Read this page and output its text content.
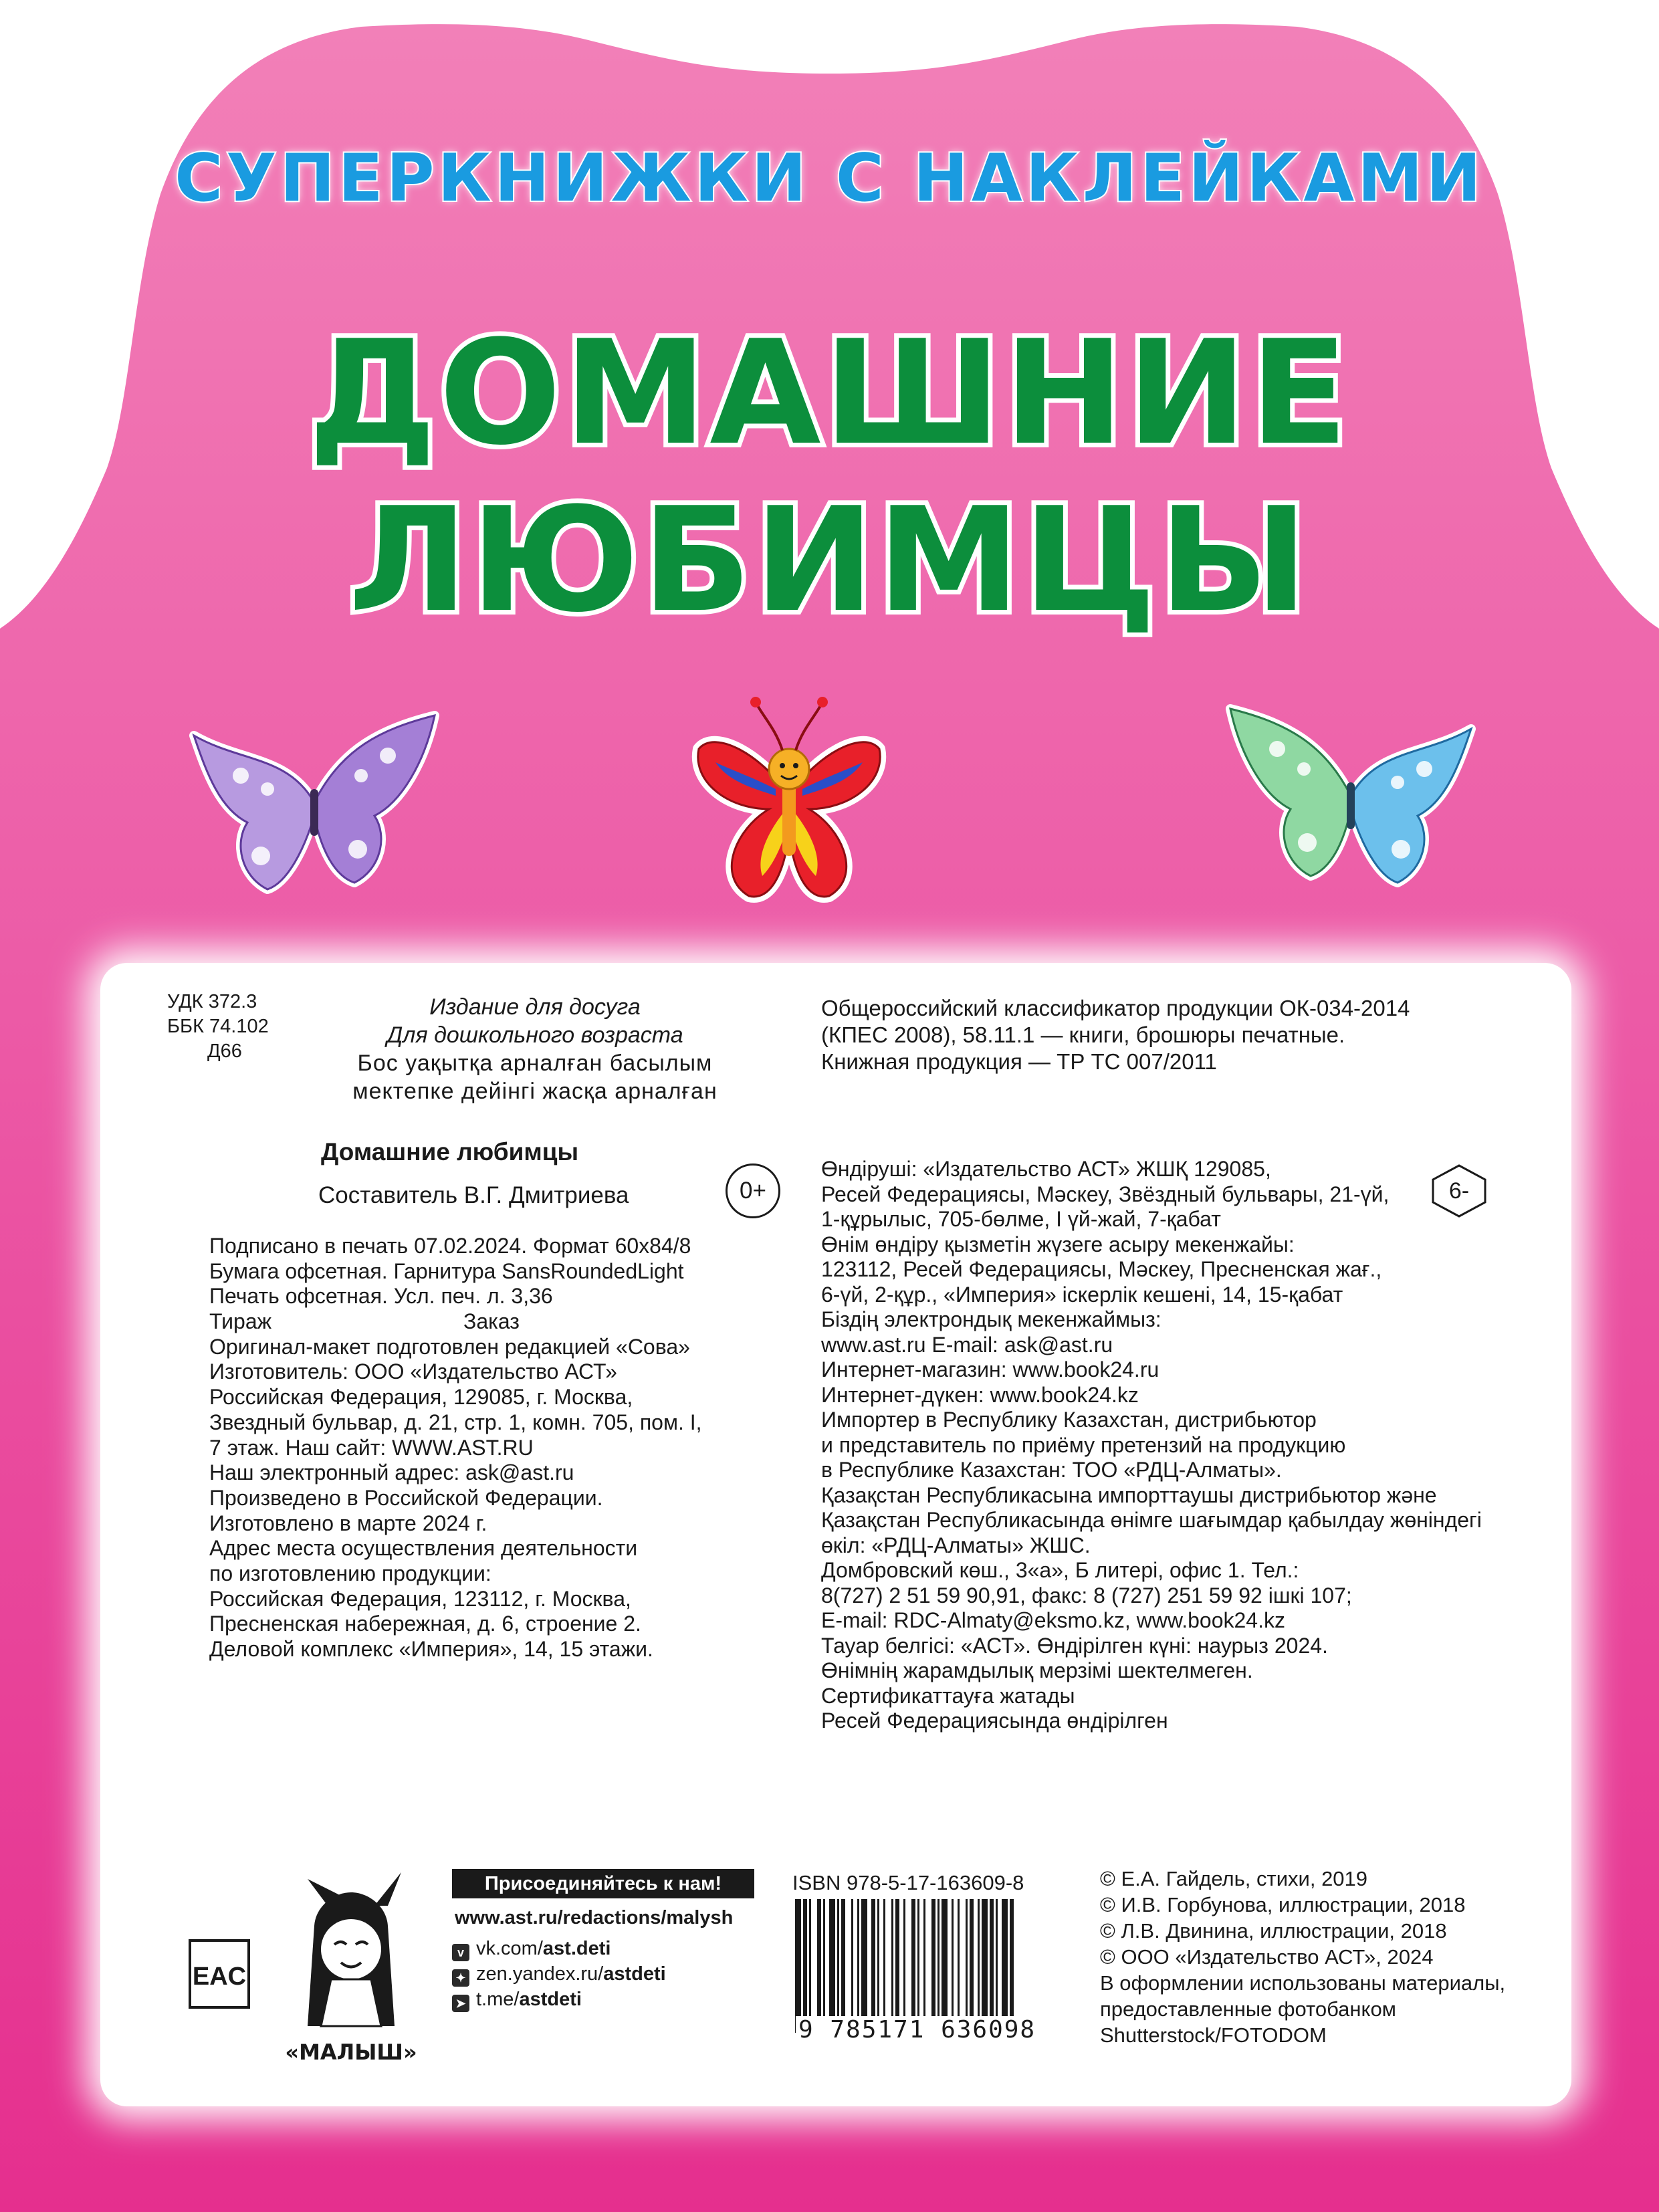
СУПЕРКНИЖКИ С НАКЛЕЙКАМИ
ДОМАШНИЕ
ЛЮБИМЦЫ
УДК 372.3
ББК 74.102
Д66
Издание для досуга
Для дошкольного возраста
Бос уақытқа арналған басылым
мектепке дейінгі жасқа арналған
Домашние любимцы
Составитель В.Г. Дмитриева	0+	6-
Подписано в печать 07.02.2024. Формат 60x84/8
Бумага офсетная. Гарнитура SansRoundedLight
Печать офсетная. Усл. печ. л. 3,36
Тираж	Заказ
Оригинал-макет подготовлен редакцией «Сова»
Изготовитель: ООО «Издательство АСТ»
Российская Федерация, 129085, г. Москва,
Звездный бульвар, д. 21, стр. 1, комн. 705, пом. I,
7 этаж. Наш сайт: WWW.AST.RU
Наш электронный адрес: ask@ast.ru
Произведено в Российской Федерации.
Изготовлено в марте 2024 г.
Адрес места осуществления деятельности
по изготовлению продукции:
Российская Федерация, 123112, г. Москва,
Пресненская набережная, д. 6, строение 2.
Деловой комплекс «Империя», 14, 15 этажи.
Общероссийский классификатор продукции ОК-034-2014
(КПЕС 2008), 58.11.1 — книги, брошюры печатные.
Книжная продукция — ТР ТС 007/2011
Өндіруші: «Издательство АСТ» ЖШҚ 129085,
Ресей Федерациясы, Мәскеу, Звёздный бульвары, 21-үй,
1-құрылыс, 705-бөлме, I үй-жай, 7-қабат
Өнім өндіру қызметін жүзеге асыру мекенжайы:
123112, Ресей Федерациясы, Мәскеу, Пресненская жағ.,
6-үй, 2-құр., «Империя» іскерлік кешені, 14, 15-қабат
Біздің электрондық мекенжаймыз:
www.ast.ru E-mail: ask@ast.ru
Интернет-магазин: www.book24.ru
Интернет-дүкен: www.book24.kz
Импортер в Республику Казахстан, дистрибьютор
и представитель по приёму претензий на продукцию
в Республике Казахстан: ТОО «РДЦ-Алматы».
Қазақстан Республикасына импорттаушы дистрибьютор және
Қазақстан Республикасында өнімге шағымдар қабылдау жөніндегі
өкіл: «РДЦ-Алматы» ЖШС.
Домбровский көш., 3«а», Б литері, офис 1. Тел.:
8(727) 2 51 59 90,91, факс: 8 (727) 251 59 92 ішкі 107;
E-mail: RDC-Almaty@eksmo.kz, www.book24.kz
Тауар белгісі: «АСТ». Өндірілген күні: наурыз 2024.
Өнімнің жарамдылық мерзімі шектелмеген.
Сертификаттауға жатады
Ресей Федерациясында өндірілген
© Е.А. Гайдель, стихи, 2019
© И.В. Горбунова, иллюстрации, 2018
© Л.В. Двинина, иллюстрации, 2018
© ООО «Издательство АСТ», 2024
В оформлении использованы материалы,
предоставленные фотобанком
Shutterstock/FOTODOM
EAC
«МАЛЫШ»
Присоединяйтесь к нам!
www.ast.ru/redactions/malysh
v vk.com/ast.deti
✦ zen.yandex.ru/astdeti
➤ t.me/astdeti
ISBN 978-5-17-163609-8
9 785171 636098
